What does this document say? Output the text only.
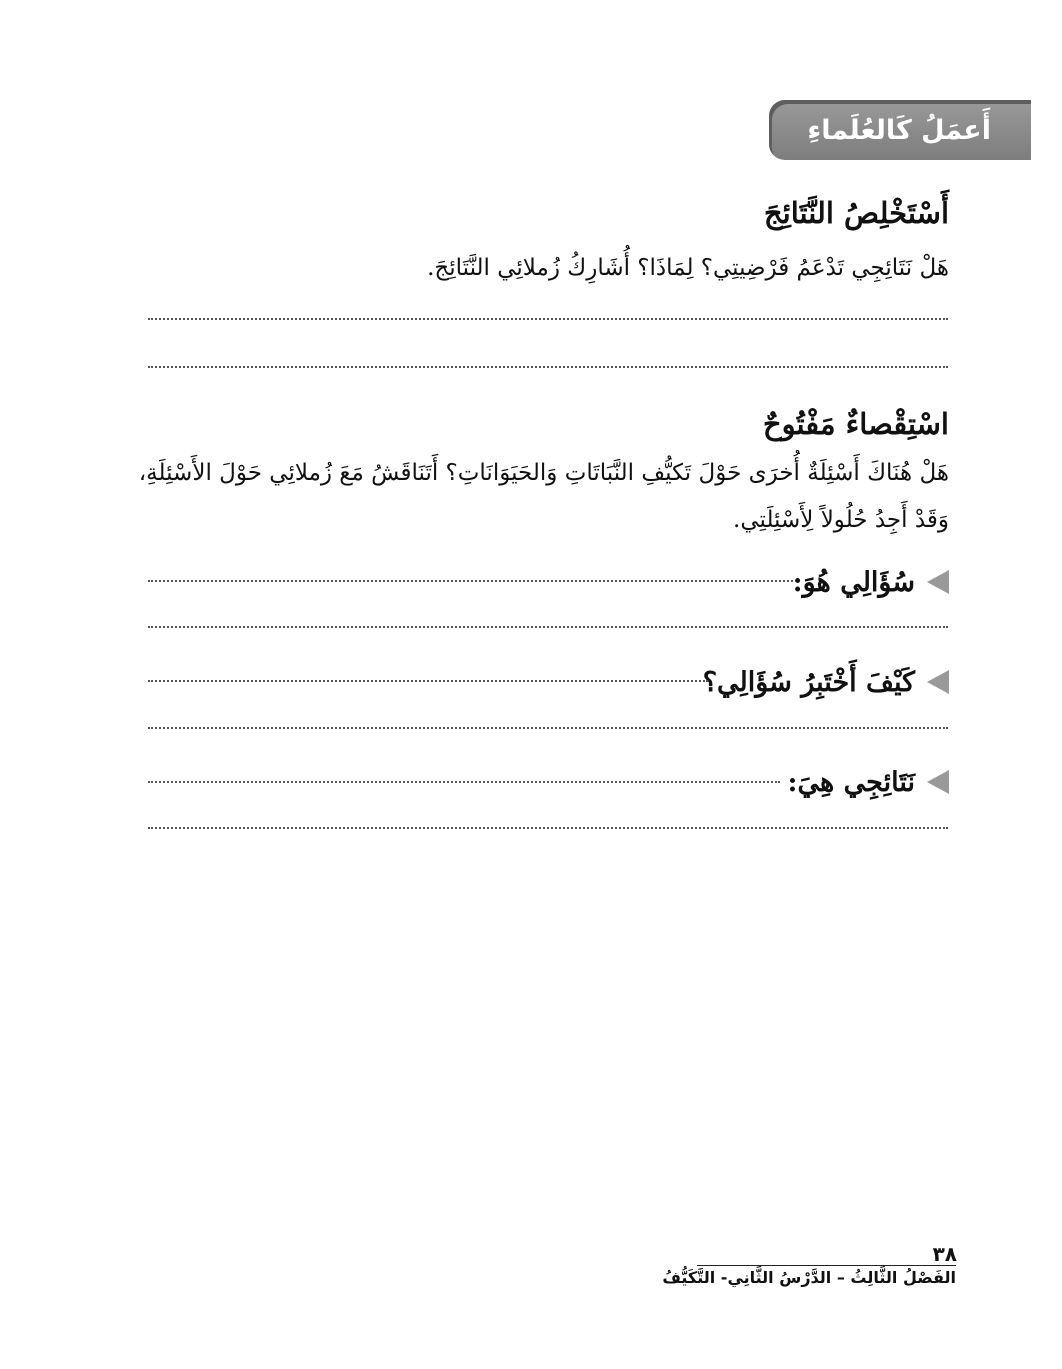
أَعمَلُ كَالعُلَماءِ
أَسْتَخْلِصُ النَّتَائِجَ
هَلْ نَتَائِجِي تَدْعَمُ فَرْضِيتِي؟ لِمَاذَا؟ أُشَارِكُ زُملائِي النَّتَائِجَ.
اسْتِقْصاءٌ مَفْتُوحٌ
هَلْ هُنَاكَ أَسْئِلَةٌ أُخرَى حَوْلَ تَكيُّفِ النَّبَاتَاتِ وَالحَيَوَانَاتِ؟ أَتَنَاقَشُ مَعَ زُملائِي حَوْلَ الأَسْئِلَةِ،
وَقَدْ أَجِدُ حُلُولاً لِأَسْئِلَتِي.
سُؤَالِي هُوَ:
كَيْفَ أَخْتَبِرُ سُؤَالِي؟
نَتَائِجِي هِيَ:
٣٨
الفَصْلُ الثَّالِثُ – الدَّرْسُ الثَّانِي- التَّكَيُّفُ
